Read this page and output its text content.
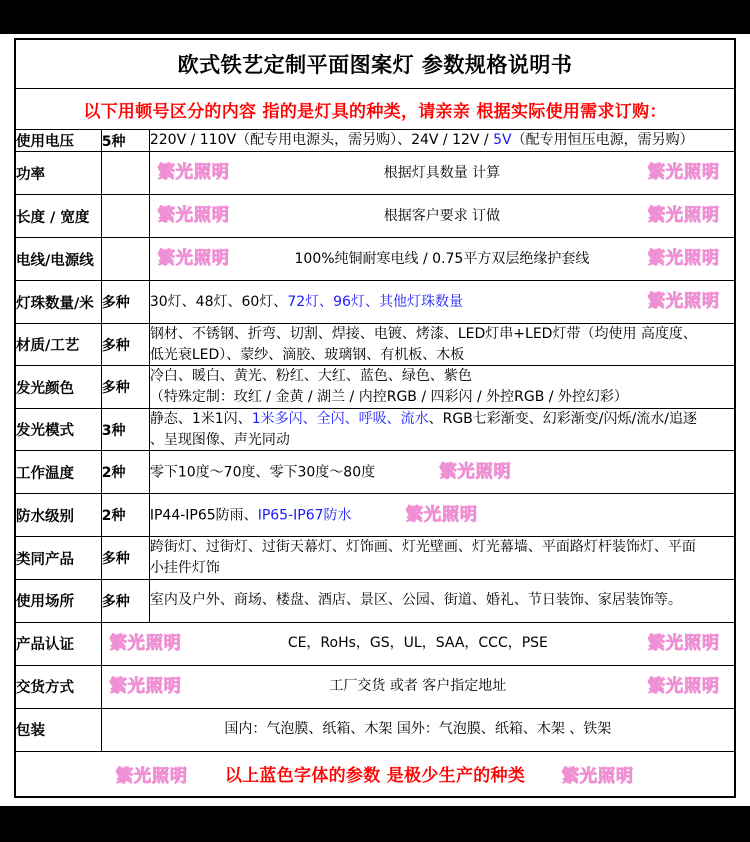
欧式铁艺定制平面图案灯 参数规格说明书		
以下用顿号区分的内容 指的是灯具的种类，请亲亲 根据实际使用需求订购：		
使用电压	5种	220V / 110V（配专用电源头，需另购）、24V / 12V / 5V（配专用恒压电源，需另购）
功率		繁光照明 根据灯具数量 计算 繁光照明

长度 / 宽度		繁光照明 根据客户要求 订做 繁光照明

电线/电源线		繁光照明 100%纯铜耐寒电线 / 0.75平方双层绝缘护套线 繁光照明

灯珠数量/米	多种	30灯、48灯、60灯、72灯、96灯、其他灯珠数量 繁光照明

材质/工艺	多种	钢材、不锈钢、折弯、切割、焊接、电镀、烤漆、LED灯串+LED灯带（均使用 高度度、
低光衰LED）、蒙纱、滴胶、玻璃钢、有机板、木板

发光颜色	多种	冷白、暖白、黄光、粉红、大红、蓝色、绿色、紫色
（特殊定制：玫红 / 金黄 / 湖兰 / 内控RGB / 四彩闪 / 外控RGB / 外控幻彩）

发光模式	3种	静态、1米1闪、1米多闪、全闪、呼吸、流水、RGB七彩渐变、幻彩渐变/闪烁/流水/追逐
、呈现图像、声光同动

工作温度	2种	零下10度～70度、零下30度～80度 繁光照明
防水级别	2种	IP44-IP65防雨、IP65-IP67防水 繁光照明
类同产品	多种	跨街灯、过街灯、过街天幕灯、灯饰画、灯光壁画、灯光幕墙、平面路灯杆装饰灯、平面
小挂件灯饰

使用场所	多种	室内及户外、商场、楼盘、酒店、景区、公园、街道、婚礼、节日装饰、家居装饰等。
产品认证	繁光照明 CE，RoHs，GS，UL，SAA，CCC，PSE 繁光照明	

交货方式	繁光照明 工厂交货 或者 客户指定地址 繁光照明	

包装	国内：气泡膜、纸箱、木架 国外：气泡膜、纸箱、木架 、铁架	

繁光照明 以上蓝色字体的参数 是极少生产的种类 繁光照明		
